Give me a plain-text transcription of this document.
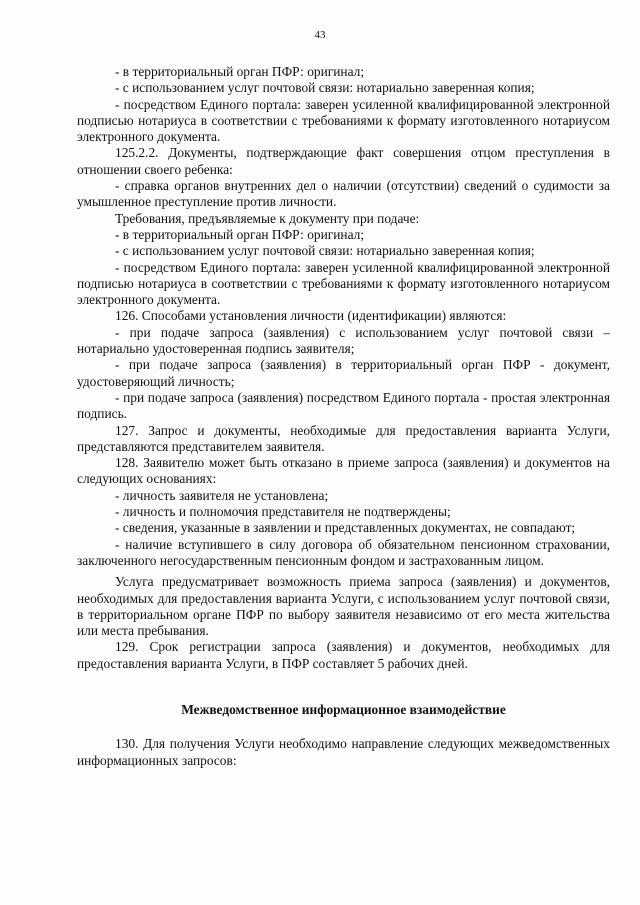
43

- в территориальный орган ПФР: оригинал;

- с использованием услуг почтовой связи: нотариально заверенная копия;

- посредством Единого портала: заверен усиленной квалифицированной электронной подписью нотариуса в соответствии с требованиями к формату изготовленного нотариусом электронного документа.

125.2.2. Документы, подтверждающие факт совершения отцом преступления в отношении своего ребенка:

- справка органов внутренних дел о наличии (отсутствии) сведений о судимости за умышленное преступление против личности.

Требования, предъявляемые к документу при подаче:

- в территориальный орган ПФР: оригинал;

- с использованием услуг почтовой связи: нотариально заверенная копия;

- посредством Единого портала: заверен усиленной квалифицированной электронной подписью нотариуса в соответствии с требованиями к формату изготовленного нотариусом электронного документа.

126. Способами установления личности (идентификации) являются:

- при подаче запроса (заявления) с использованием услуг почтовой связи – нотариально удостоверенная подпись заявителя;

- при подаче запроса (заявления) в территориальный орган ПФР - документ, удостоверяющий личность;

- при подаче запроса (заявления) посредством Единого портала - простая электронная подпись.

127. Запрос и документы, необходимые для предоставления варианта Услуги, представляются представителем заявителя.

128. Заявителю может быть отказано в приеме запроса (заявления) и документов на следующих основаниях:

- личность заявителя не установлена;

- личность и полномочия представителя не подтверждены;

- сведения, указанные в заявлении и представленных документах, не совпадают;

- наличие вступившего в силу договора об обязательном пенсионном страховании, заключенного негосударственным пенсионным фондом и застрахованным лицом.

Услуга предусматривает возможность приема запроса (заявления) и документов, необходимых для предоставления варианта Услуги, с использованием услуг почтовой связи, в территориальном органе ПФР по выбору заявителя независимо от его места жительства или места пребывания.

129. Срок регистрации запроса (заявления) и документов, необходимых для предоставления варианта Услуги, в ПФР составляет 5 рабочих дней.

Межведомственное информационное взаимодействие

130. Для получения Услуги необходимо направление следующих межведомственных информационных запросов:
